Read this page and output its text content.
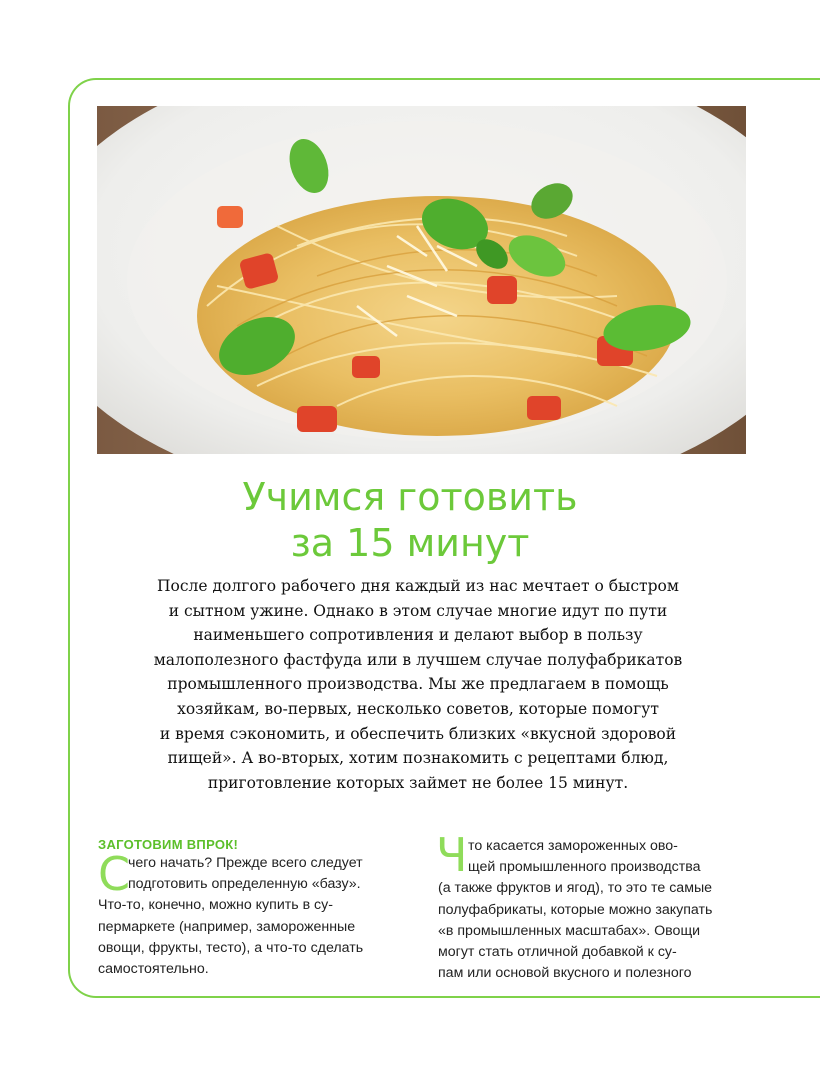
Учимся готовить
за 15 минут

После долгого рабочего дня каждый из нас мечтает о быстром
и сытном ужине. Однако в этом случае многие идут по пути
наименьшего сопротивления и делают выбор в пользу
малополезного фастфуда или в лучшем случае полуфабрикатов
промышленного производства. Мы же предлагаем в помощь
хозяйкам, во-первых, несколько советов, которые помогут
и время сэкономить, и обеспечить близких «вкусной здоровой
пищей». А во-вторых, хотим познакомить с рецептами блюд,
приготовление которых займет не более 15 минут.

ЗАГОТОВИМ ВПРОК!
С
чего начать? Прежде всего следует
подготовить определенную «базу».
Что-то, конечно, можно купить в су-
пермаркете (например, замороженные
овощи, фрукты, тесто), а что-то сделать
самостоятельно.
Ч то касается замороженных ово-
щей промышленного производства
(а также фруктов и ягод), то это те самые
полуфабрикаты, которые можно закупать
«в промышленных масштабах». Овощи
могут стать отличной добавкой к су-
пам или основой вкусного и полезного
